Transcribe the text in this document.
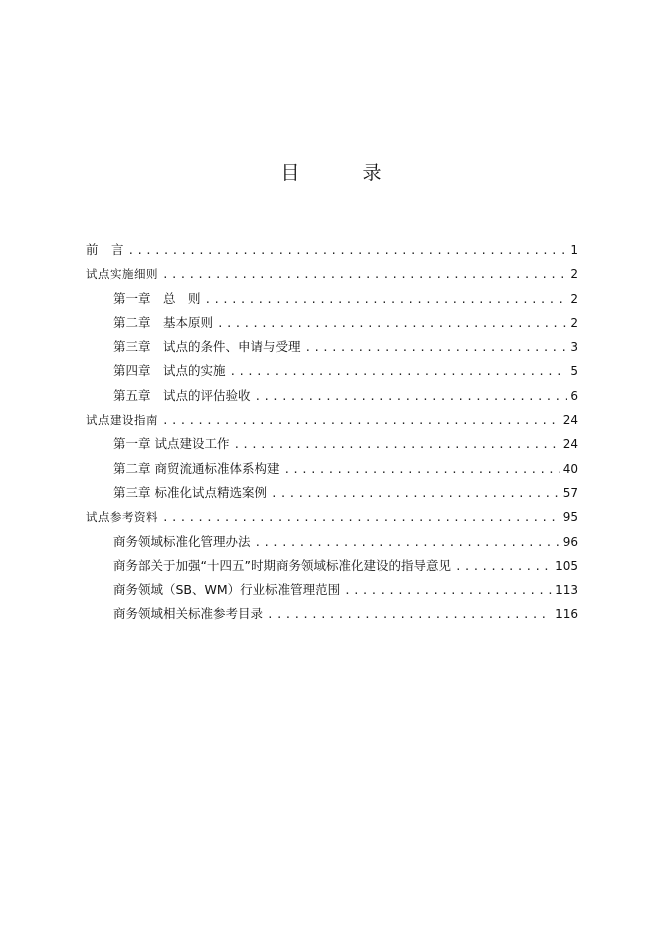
目　录
前　言 .....	1
试点实施细则 .....	2
第一章　总　则 .....	2
第二章　基本原则 .....	2
第三章　试点的条件、申请与受理 .....	3
第四章　试点的实施 .....	5
第五章　试点的评估验收 .....	6
试点建设指南 .....	24
第一章 试点建设工作 .....	24
第二章 商贸流通标准体系构建 .....	40
第三章 标准化试点精选案例 .....	57
试点参考资料 .....	95
商务领域标准化管理办法 .....	96
商务部关于加强“十四五”时期商务领域标准化建设的指导意见 .....	105
商务领域（SB、WM）行业标准管理范围 .....	113
商务领域相关标准参考目录 .....	116
